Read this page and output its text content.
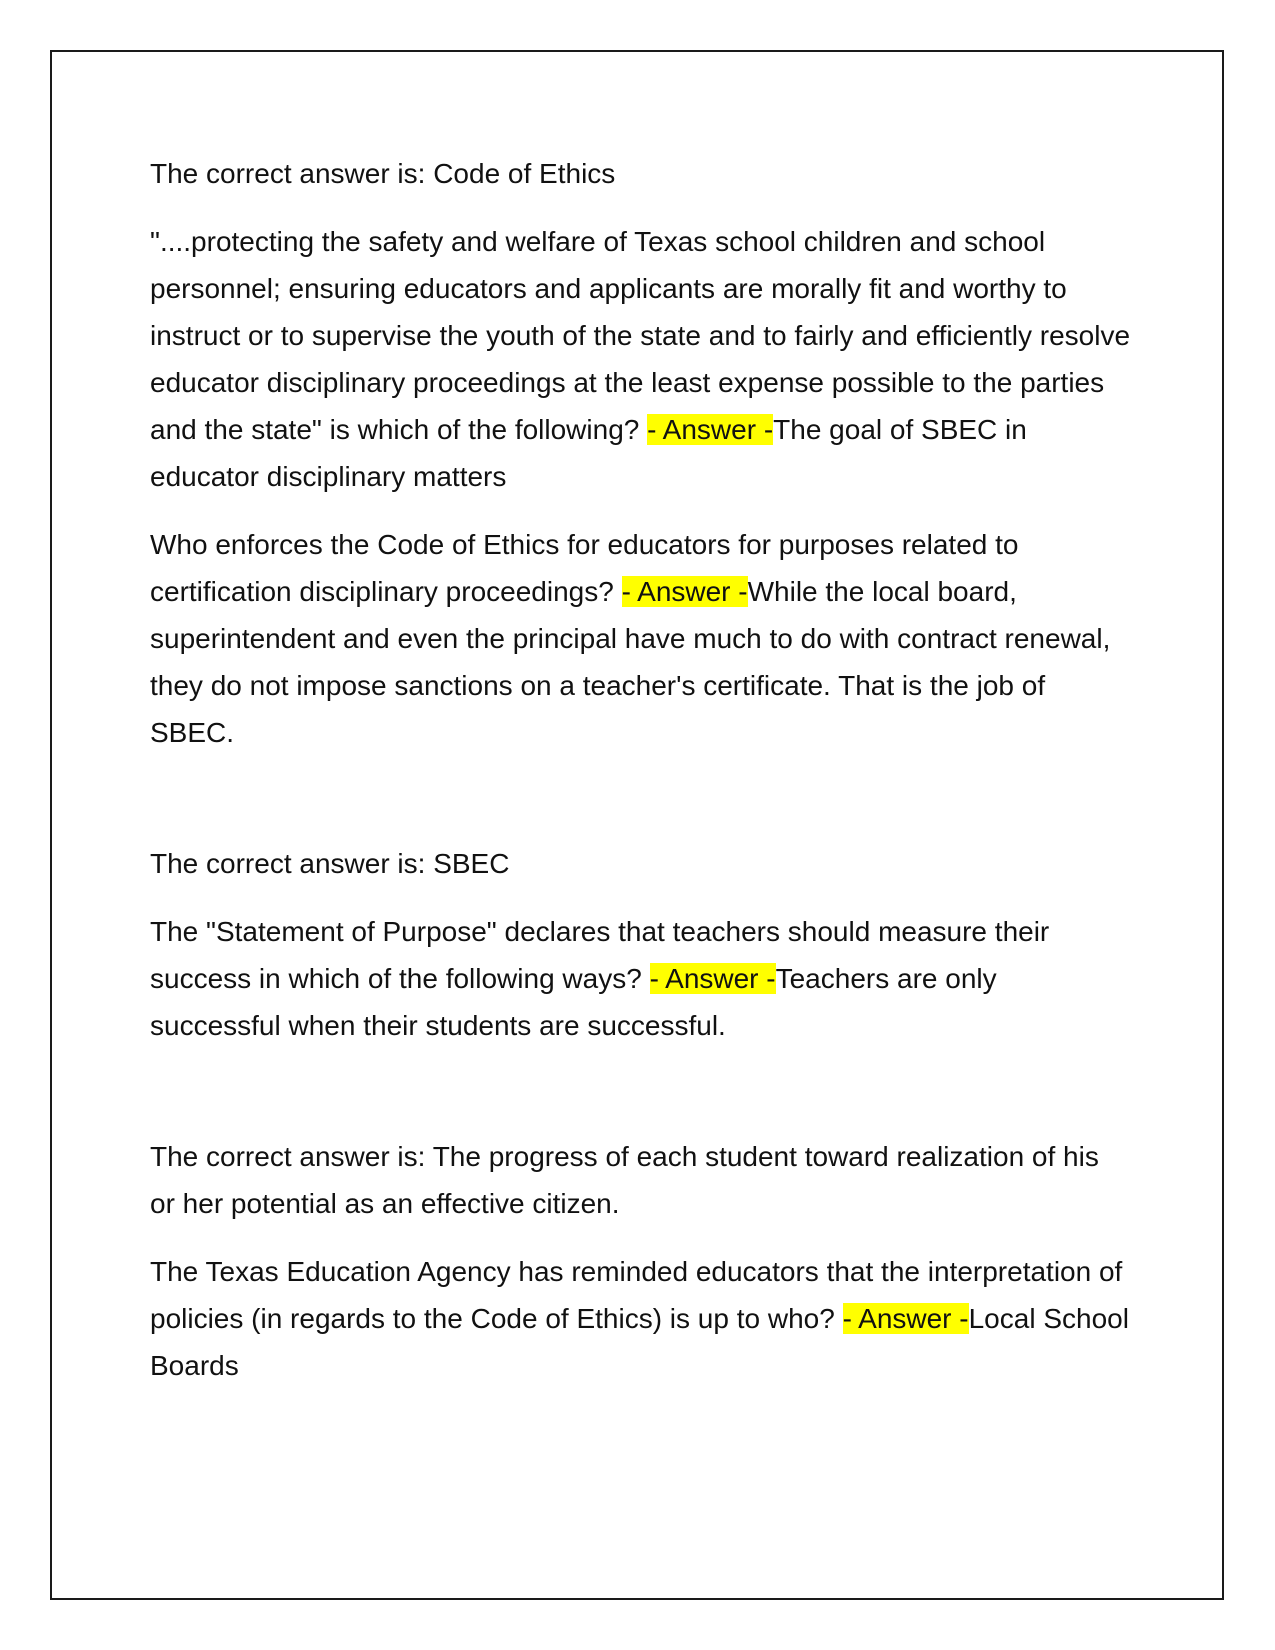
The correct answer is: Code of Ethics

"....protecting the safety and welfare of Texas school children and school personnel; ensuring educators and applicants are morally fit and worthy to instruct or to supervise the youth of the state and to fairly and efficiently resolve educator disciplinary proceedings at the least expense possible to the parties and the state" is which of the following? - Answer -The goal of SBEC in educator disciplinary matters

Who enforces the Code of Ethics for educators for purposes related to certification disciplinary proceedings? - Answer -While the local board, superintendent and even the principal have much to do with contract renewal, they do not impose sanctions on a teacher's certificate. That is the job of SBEC.

The correct answer is: SBEC

The "Statement of Purpose" declares that teachers should measure their success in which of the following ways? - Answer -Teachers are only successful when their students are successful.

The correct answer is: The progress of each student toward realization of his or her potential as an effective citizen.

The Texas Education Agency has reminded educators that the interpretation of policies (in regards to the Code of Ethics) is up to who? - Answer -Local School Boards
